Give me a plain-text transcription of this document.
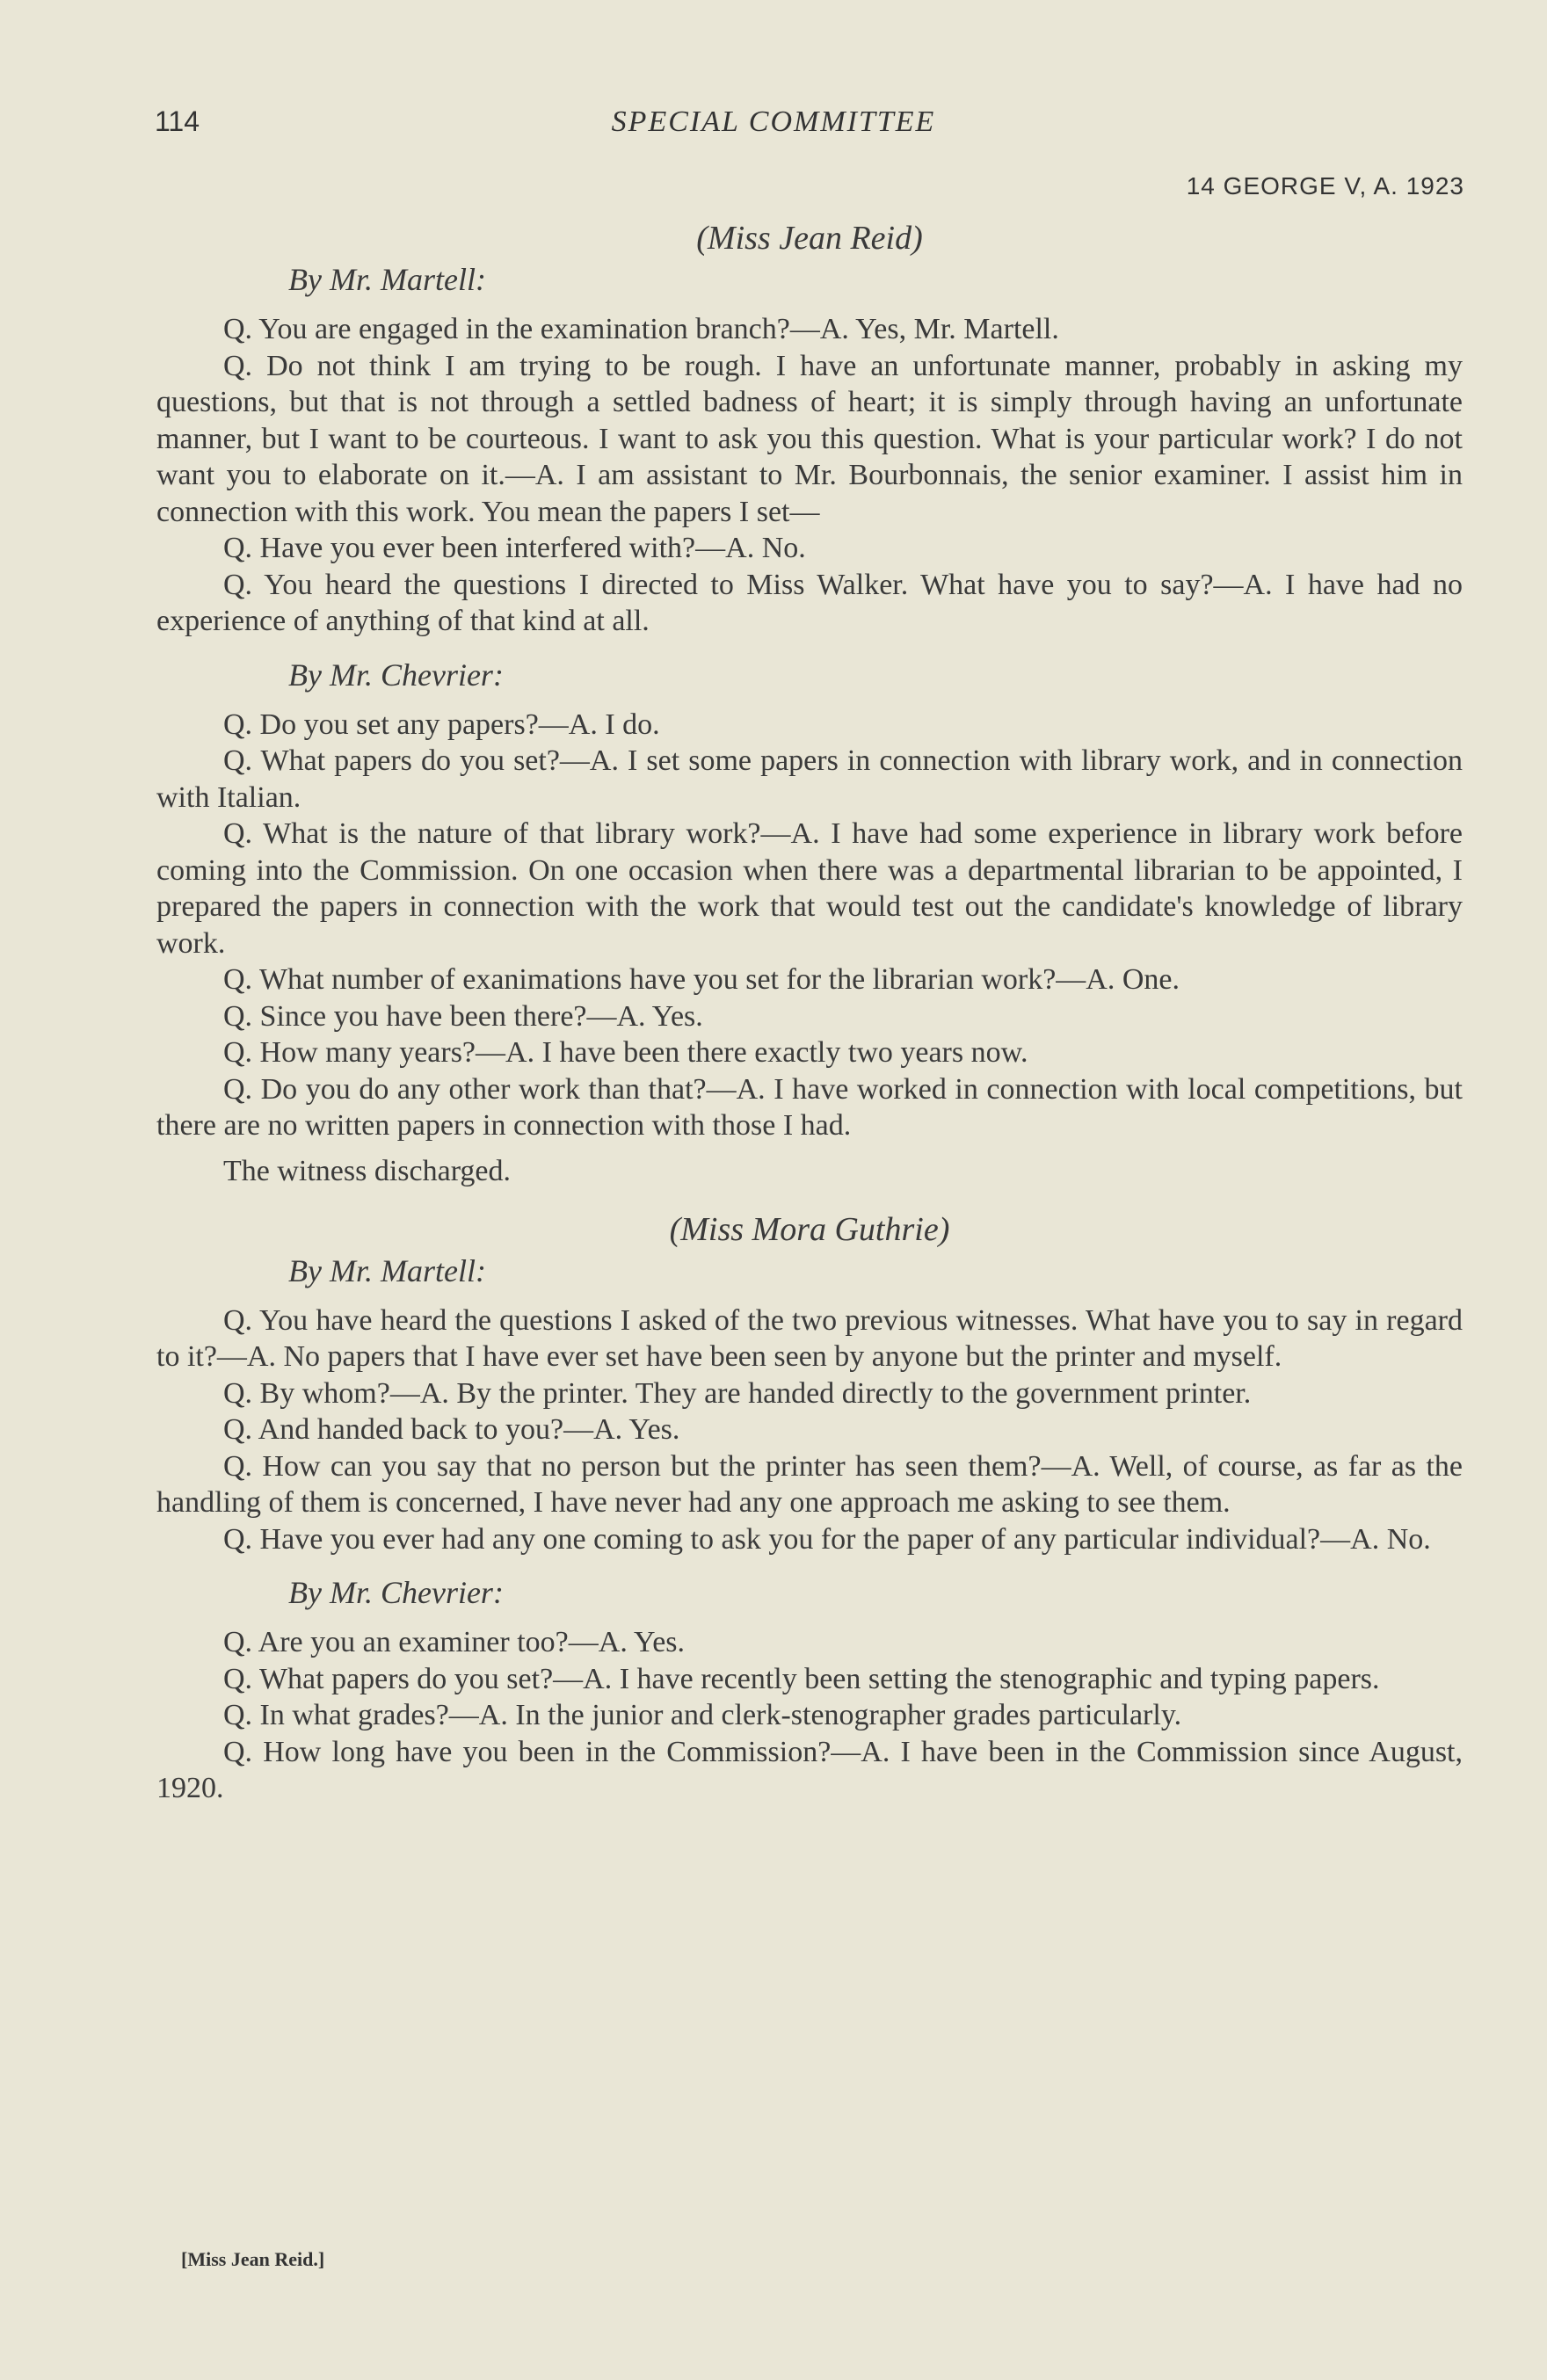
114	SPECIAL COMMITTEE
14 GEORGE V, A. 1923
(Miss Jean Reid)
By Mr. Martell:

Q. You are engaged in the examination branch?—A. Yes, Mr. Martell.

Q. Do not think I am trying to be rough. I have an unfortunate manner, probably in asking my questions, but that is not through a settled badness of heart; it is simply through having an unfortunate manner, but I want to be courteous. I want to ask you this question. What is your particular work? I do not want you to elaborate on it.—A. I am assistant to Mr. Bourbonnais, the senior examiner. I assist him in connection with this work. You mean the papers I set—

Q. Have you ever been interfered with?—A. No.

Q. You heard the questions I directed to Miss Walker. What have you to say?—A. I have had no experience of anything of that kind at all.

By Mr. Chevrier:

Q. Do you set any papers?—A. I do.

Q. What papers do you set?—A. I set some papers in connection with library work, and in connection with Italian.

Q. What is the nature of that library work?—A. I have had some experience in library work before coming into the Commission. On one occasion when there was a departmental librarian to be appointed, I prepared the papers in connection with the work that would test out the candidate's knowledge of library work.

Q. What number of exanimations have you set for the librarian work?—A. One.

Q. Since you have been there?—A. Yes.

Q. How many years?—A. I have been there exactly two years now.

Q. Do you do any other work than that?—A. I have worked in connection with local competitions, but there are no written papers in connection with those I had.

The witness discharged.

(Miss Mora Guthrie)
By Mr. Martell:

Q. You have heard the questions I asked of the two previous witnesses. What have you to say in regard to it?—A. No papers that I have ever set have been seen by anyone but the printer and myself.

Q. By whom?—A. By the printer. They are handed directly to the government printer.

Q. And handed back to you?—A. Yes.

Q. How can you say that no person but the printer has seen them?—A. Well, of course, as far as the handling of them is concerned, I have never had any one approach me asking to see them.

Q. Have you ever had any one coming to ask you for the paper of any particular individual?—A. No.

By Mr. Chevrier:

Q. Are you an examiner too?—A. Yes.

Q. What papers do you set?—A. I have recently been setting the stenographic and typing papers.

Q. In what grades?—A. In the junior and clerk-stenographer grades particularly.

Q. How long have you been in the Commission?—A. I have been in the Commission since August, 1920.

[Miss Jean Reid.]
